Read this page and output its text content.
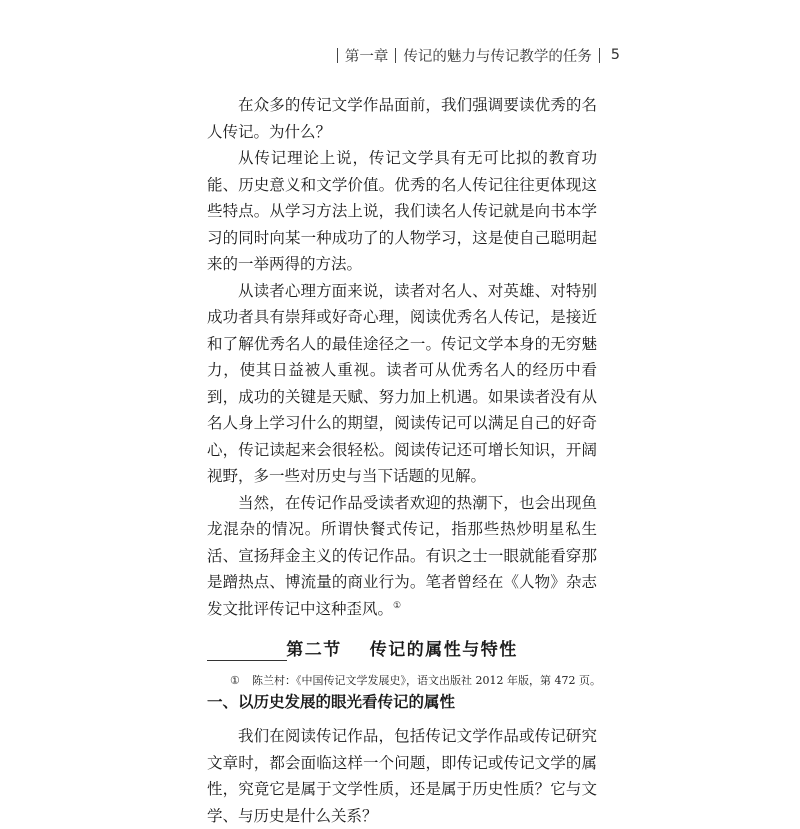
第一章 传记的魅力与传记教学的任务 5

在众多的传记文学作品面前，我们强调要读优秀的名人传记。为什么？

从传记理论上说，传记文学具有无可比拟的教育功能、历史意义和文学价值。优秀的名人传记往往更体现这些特点。从学习方法上说，我们读名人传记就是向书本学习的同时向某一种成功了的人物学习，这是使自己聪明起来的一举两得的方法。

从读者心理方面来说，读者对名人、对英雄、对特别成功者具有崇拜或好奇心理，阅读优秀名人传记，是接近和了解优秀名人的最佳途径之一。传记文学本身的无穷魅力，使其日益被人重视。读者可从优秀名人的经历中看到，成功的关键是天赋、努力加上机遇。如果读者没有从名人身上学习什么的期望，阅读传记可以满足自己的好奇心，传记读起来会很轻松。阅读传记还可增长知识，开阔视野，多一些对历史与当下话题的见解。

当然，在传记作品受读者欢迎的热潮下，也会出现鱼龙混杂的情况。所谓快餐式传记，指那些热炒明星私生活、宣扬拜金主义的传记作品。有识之士一眼就能看穿那是蹭热点、博流量的商业行为。笔者曾经在《人物》杂志发文批评传记中这种歪风。①

第二节 传记的属性与特性
一、以历史发展的眼光看传记的属性

我们在阅读传记作品，包括传记文学作品或传记研究文章时，都会面临这样一个问题，即传记或传记文学的属性，究竟它是属于文学性质，还是属于历史性质？它与文学、与历史是什么关系？

① 陈兰村：《中国传记文学发展史》，语文出版社 2012 年版，第 472 页。
